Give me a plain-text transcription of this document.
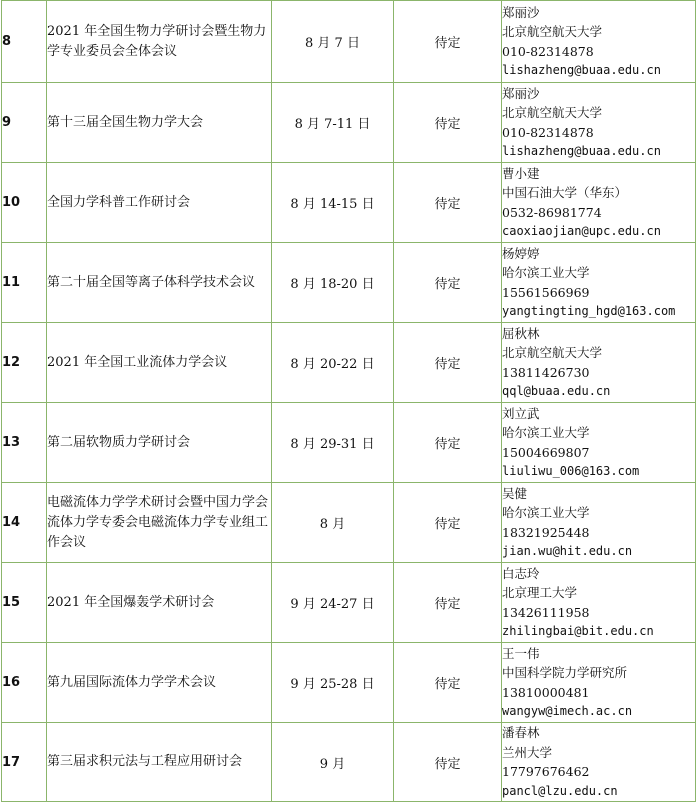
8	2021 年全国生物力学研讨会暨生物力学专业委员会全体会议	8 月 7 日	待定	郑丽沙
北京航空航天大学
010-82314878
lishazheng@buaa.edu.cn

9	第十三届全国生物力学大会	8 月 7-11 日	待定	郑丽沙
北京航空航天大学
010-82314878
lishazheng@buaa.edu.cn

10	全国力学科普工作研讨会	8 月 14-15 日	待定	曹小建
中国石油大学（华东）
0532-86981774
caoxiaojian@upc.edu.cn

11	第二十届全国等离子体科学技术会议	8 月 18-20 日	待定	杨婷婷
哈尔滨工业大学
15561566969
yangtingting_hgd@163.com

12	2021 年全国工业流体力学会议	8 月 20-22 日	待定	屈秋林
北京航空航天大学
13811426730
qql@buaa.edu.cn

13	第二届软物质力学研讨会	8 月 29-31 日	待定	刘立武
哈尔滨工业大学
15004669807
liuliwu_006@163.com

14	电磁流体力学学术研讨会暨中国力学会流体力学专委会电磁流体力学专业组工作会议	8 月	待定	吴健
哈尔滨工业大学
18321925448
jian.wu@hit.edu.cn

15	2021 年全国爆轰学术研讨会	9 月 24-27 日	待定	白志玲
北京理工大学
13426111958
zhilingbai@bit.edu.cn

16	第九届国际流体力学学术会议	9 月 25-28 日	待定	王一伟
中国科学院力学研究所
13810000481
wangyw@imech.ac.cn

17	第三届求积元法与工程应用研讨会	9 月	待定	潘春林
兰州大学
17797676462
pancl@lzu.edu.cn
